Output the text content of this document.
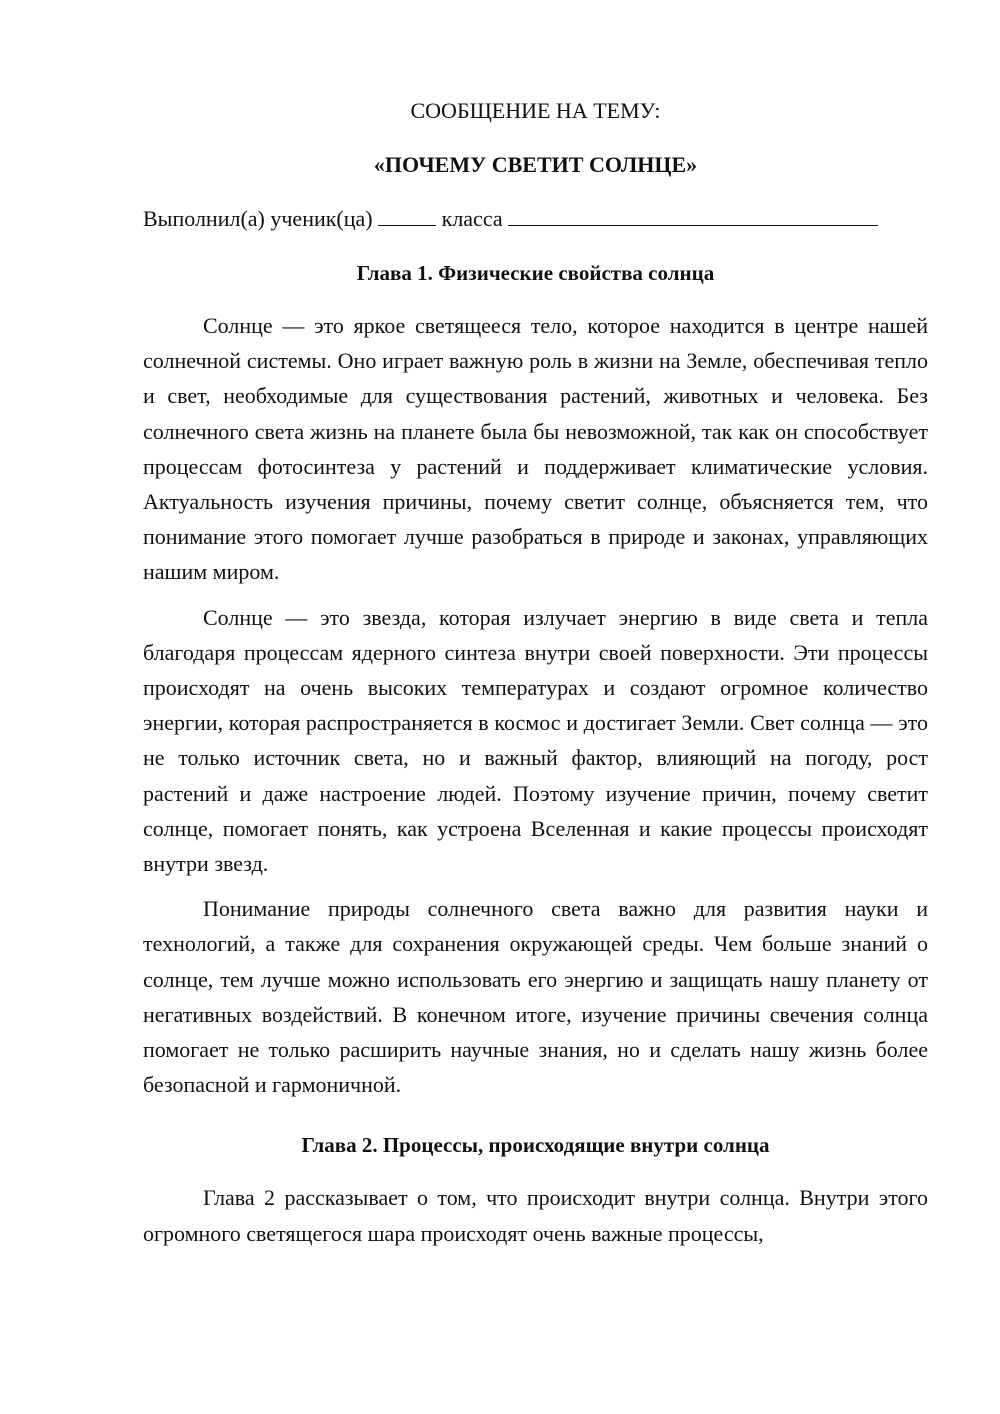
СООБЩЕНИЕ НА ТЕМУ:

«ПОЧЕМУ СВЕТИТ СОЛНЦЕ»

Выполнил(а) ученик(ца)	класса
Глава 1. Физические свойства солнца

Солнце — это яркое светящееся тело, которое находится в центре нашей солнечной системы. Оно играет важную роль в жизни на Земле, обеспечивая тепло и свет, необходимые для существования растений, животных и человека. Без солнечного света жизнь на планете была бы невозможной, так как он способствует процессам фотосинтеза у растений и поддерживает климатические условия. Актуальность изучения причины, почему светит солнце, объясняется тем, что понимание этого помогает лучше разобраться в природе и законах, управляющих нашим миром.

Солнце — это звезда, которая излучает энергию в виде света и тепла благодаря процессам ядерного синтеза внутри своей поверхности. Эти процессы происходят на очень высоких температурах и создают огромное количество энергии, которая распространяется в космос и достигает Земли. Свет солнца — это не только источник света, но и важный фактор, влияющий на погоду, рост растений и даже настроение людей. Поэтому изучение причин, почему светит солнце, помогает понять, как устроена Вселенная и какие процессы происходят внутри звезд.

Понимание природы солнечного света важно для развития науки и технологий, а также для сохранения окружающей среды. Чем больше знаний о солнце, тем лучше можно использовать его энергию и защищать нашу планету от негативных воздействий. В конечном итоге, изучение причины свечения солнца помогает не только расширить научные знания, но и сделать нашу жизнь более безопасной и гармоничной.

Глава 2. Процессы, происходящие внутри солнца

Глава 2 рассказывает о том, что происходит внутри солнца. Внутри этого огромного светящегося шара происходят очень важные процессы,
